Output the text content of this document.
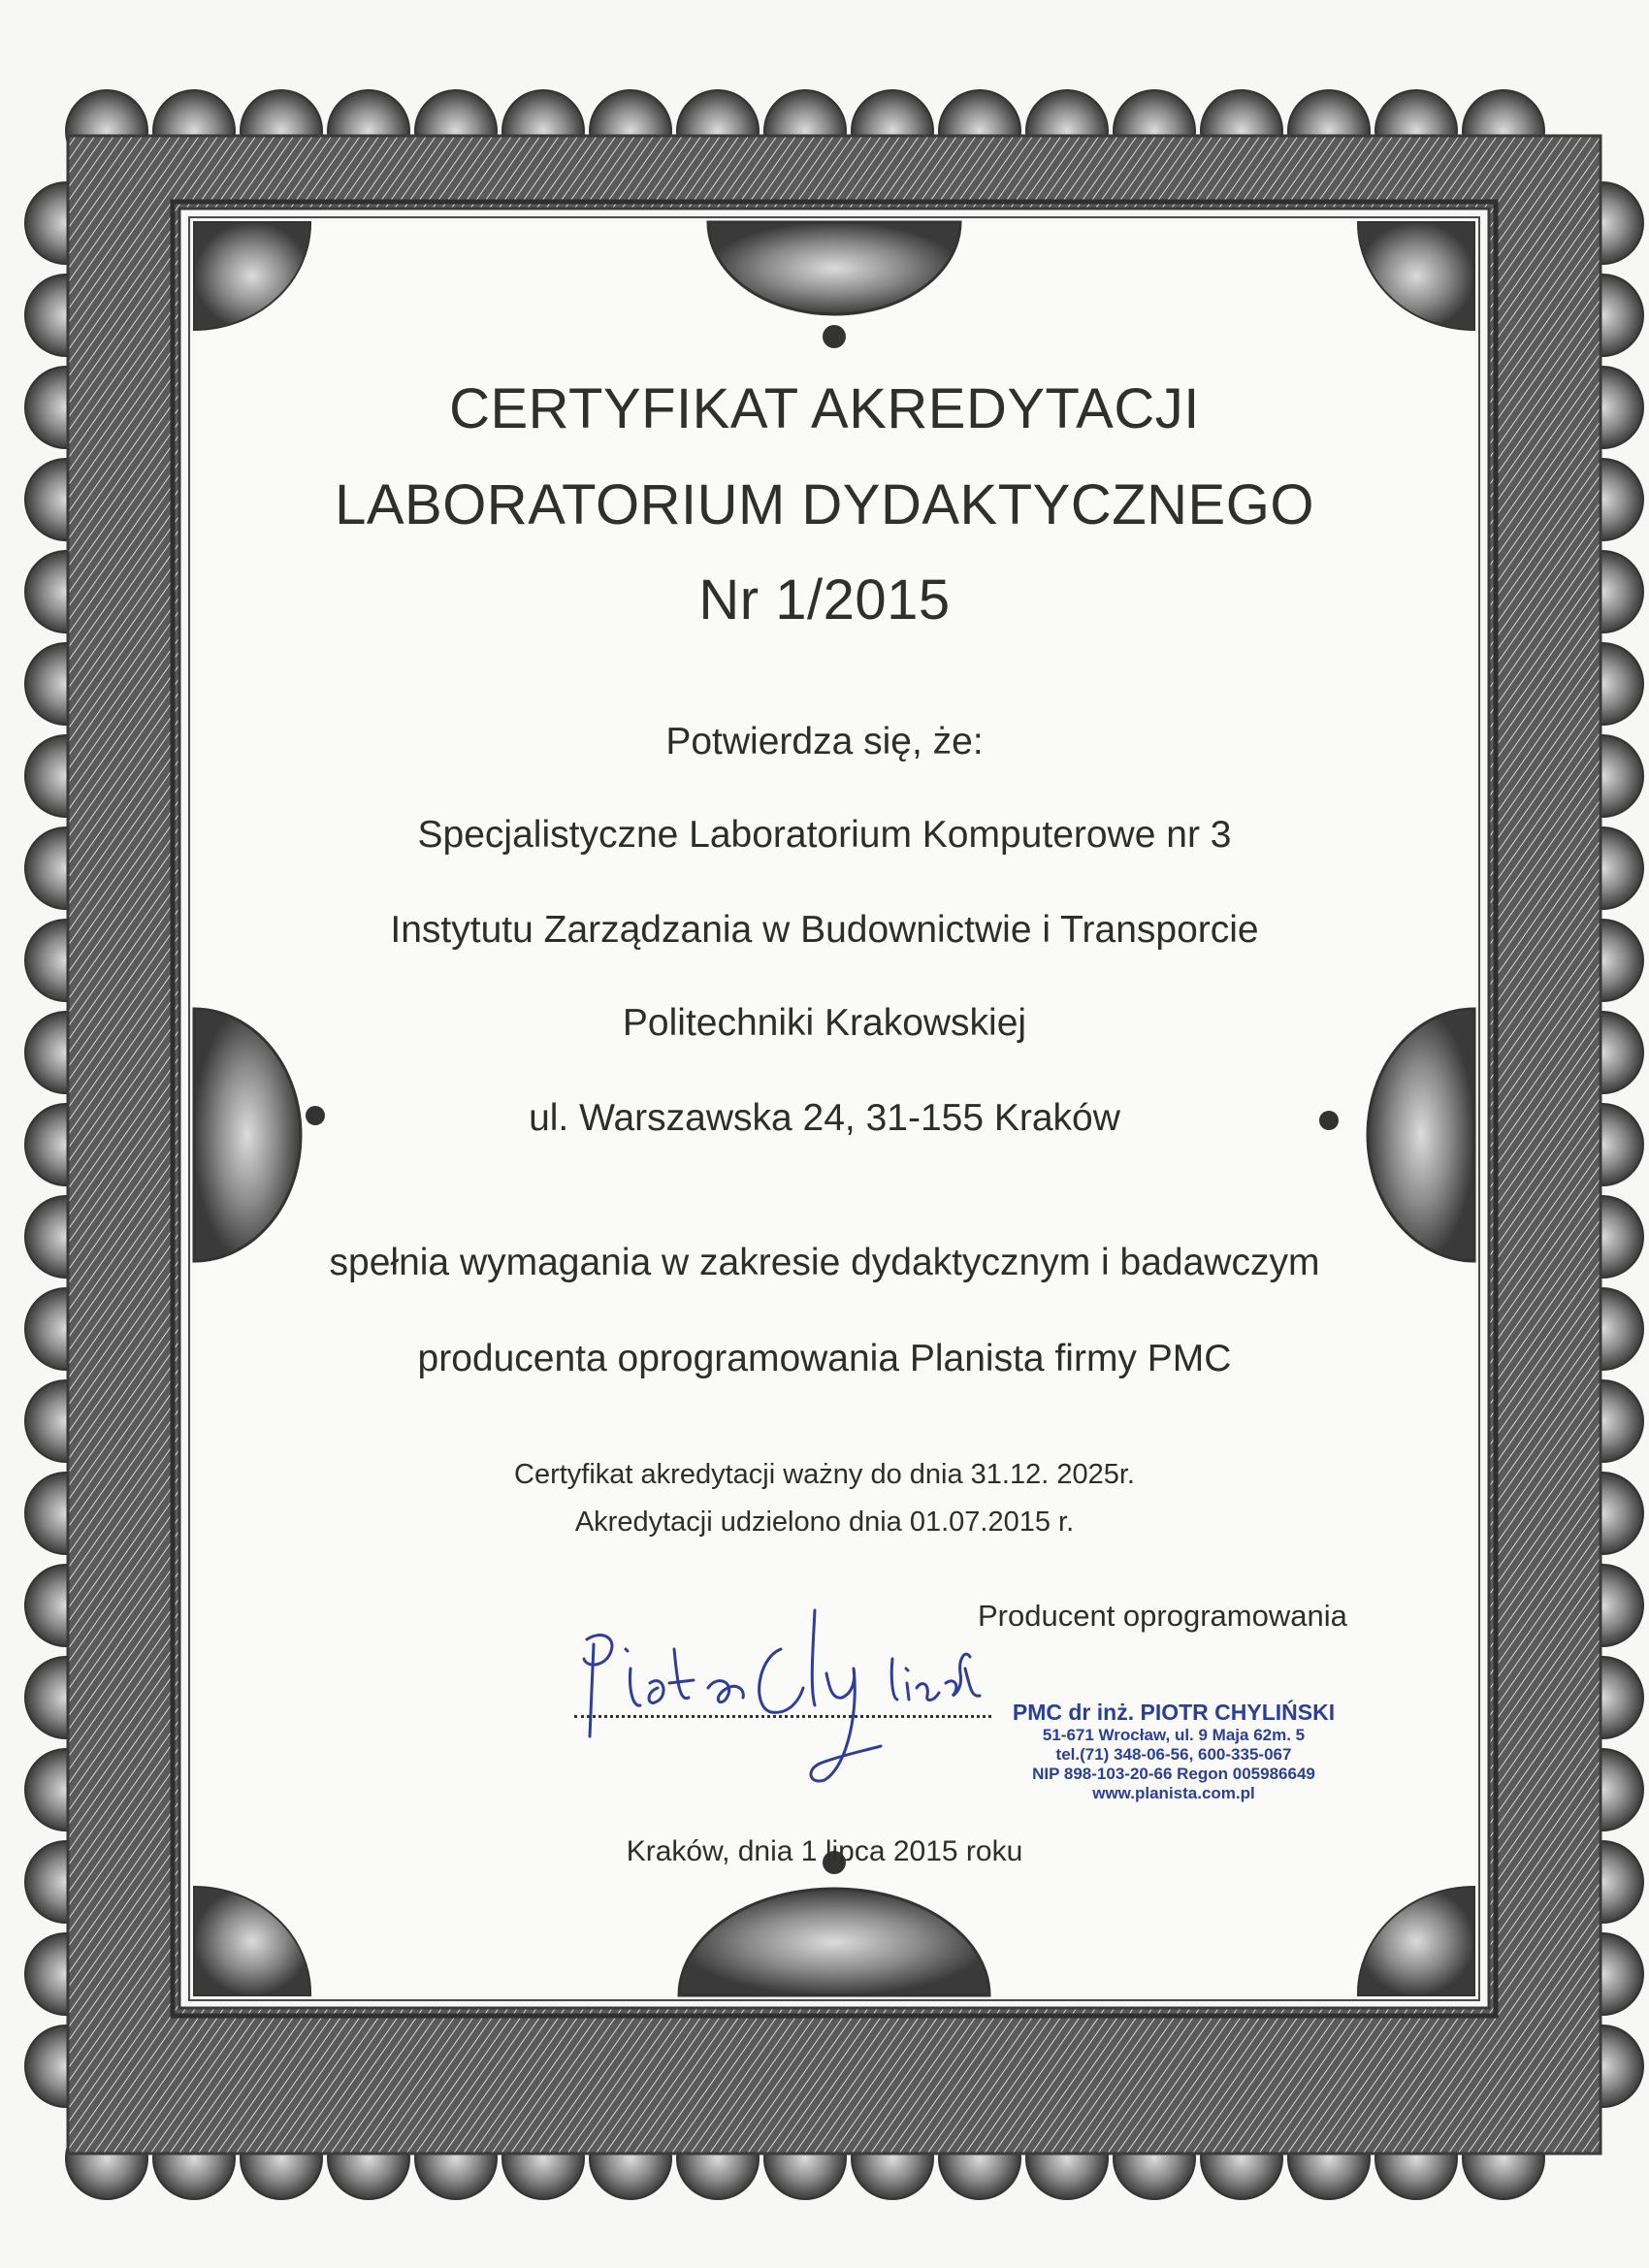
CERTYFIKAT AKREDYTACJI
LABORATORIUM DYDAKTYCZNEGO
Nr 1/2015
Potwierdza się, że:
Specjalistyczne Laboratorium Komputerowe nr 3
Instytutu Zarządzania w Budownictwie i Transporcie
Politechniki Krakowskiej
ul. Warszawska 24, 31-155 Kraków
spełnia wymagania w zakresie dydaktycznym i badawczym
producenta oprogramowania Planista firmy PMC
Certyfikat akredytacji ważny do dnia 31.12. 2025r.
Akredytacji udzielono dnia 01.07.2015 r.
Producent oprogramowania
PMC dr inż. PIOTR CHYLIŃSKI
51-671 Wrocław, ul. 9 Maja 62m. 5
tel.(71) 348-06-56, 600-335-067
NIP 898-103-20-66 Regon 005986649
www.planista.com.pl
Kraków, dnia 1 lipca 2015 roku
